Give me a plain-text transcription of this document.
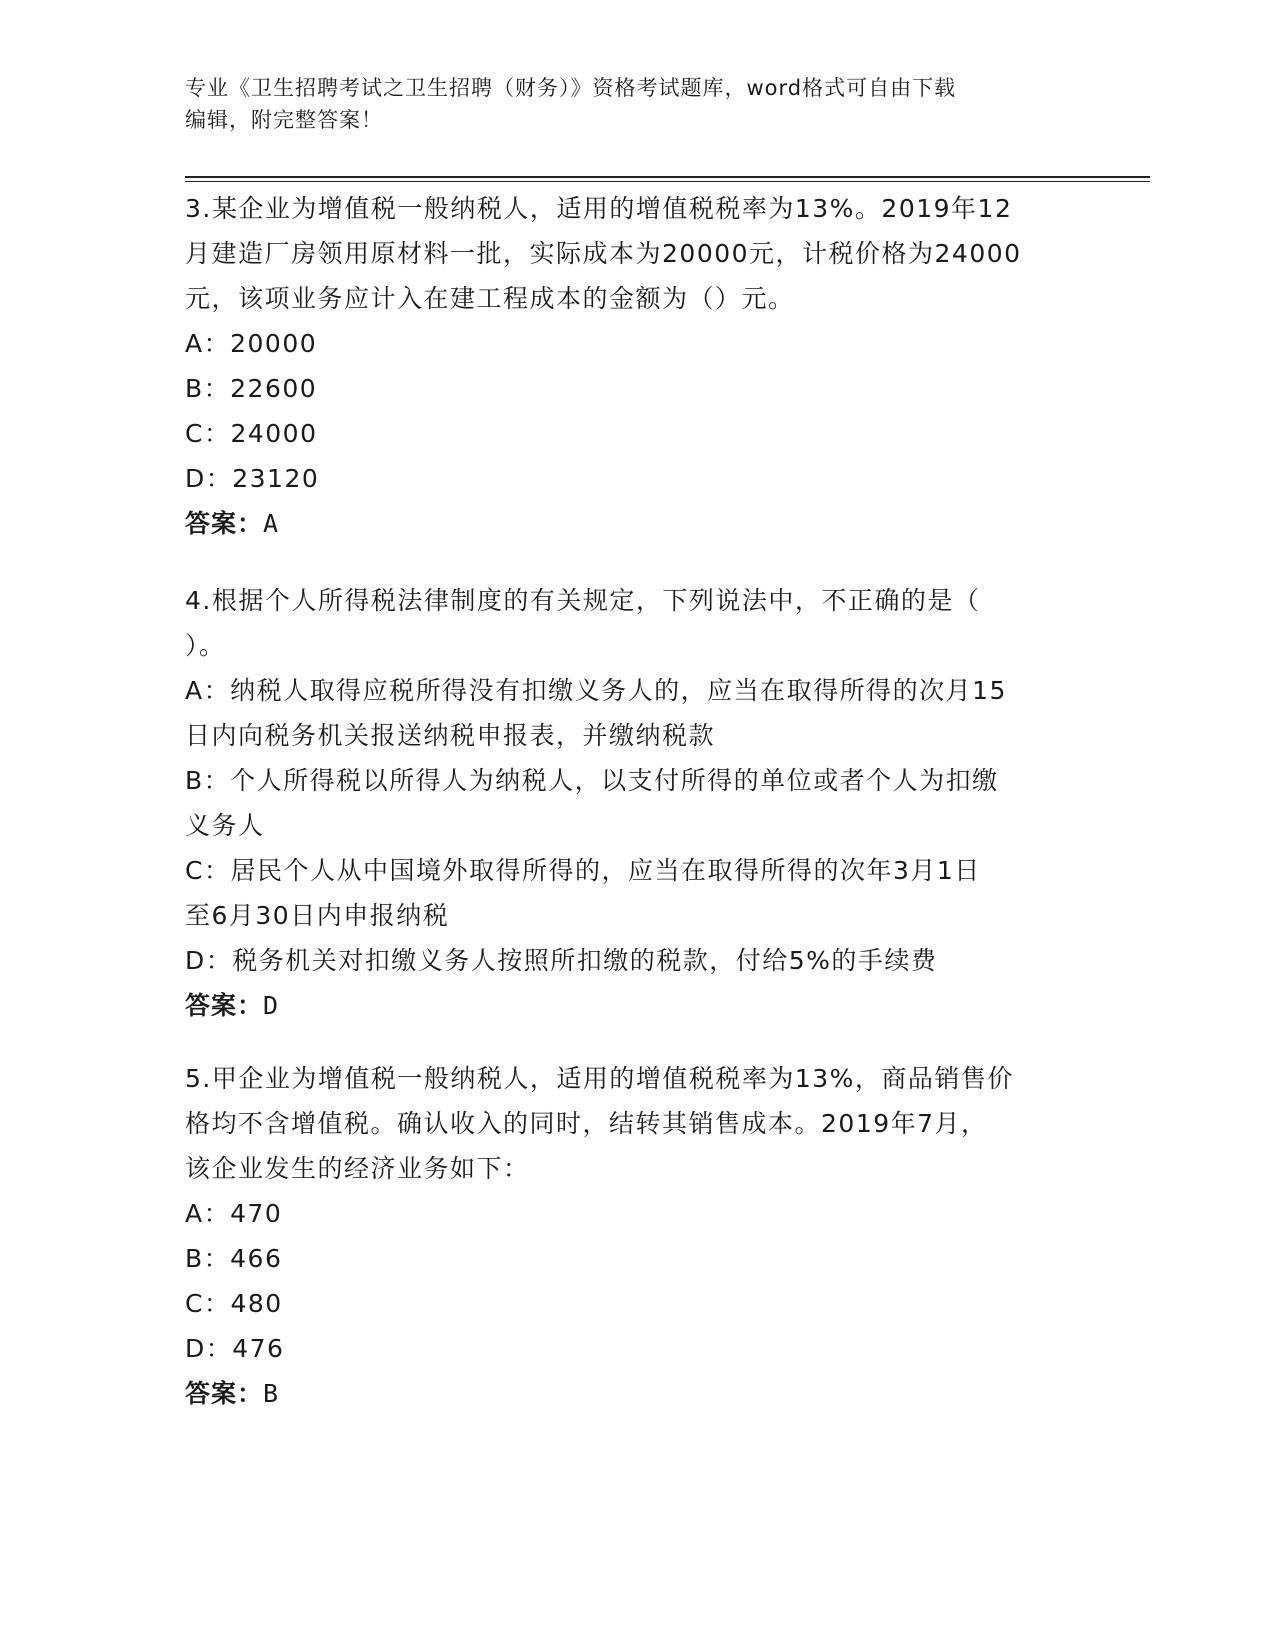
专业《卫生招聘考试之卫生招聘（财务）》资格考试题库，word格式可自由下载
编辑，附完整答案！

3.某企业为增值税一般纳税人，适用的增值税税率为13%。2019年12

月建造厂房领用原材料一批，实际成本为20000元，计税价格为24000

元，该项业务应计入在建工程成本的金额为（）元。

A：20000

B：22600

C：24000

D：23120

答案：A

4.根据个人所得税法律制度的有关规定，下列说法中，不正确的是（

）。

A：纳税人取得应税所得没有扣缴义务人的，应当在取得所得的次月15

日内向税务机关报送纳税申报表，并缴纳税款

B：个人所得税以所得人为纳税人，以支付所得的单位或者个人为扣缴

义务人

C：居民个人从中国境外取得所得的，应当在取得所得的次年3月1日

至6月30日内申报纳税

D：税务机关对扣缴义务人按照所扣缴的税款，付给5%的手续费

答案：D

5.甲企业为增值税一般纳税人，适用的增值税税率为13%，商品销售价

格均不含增值税。确认收入的同时，结转其销售成本。2019年7月，

该企业发生的经济业务如下：

A：470

B：466

C：480

D：476

答案：B
